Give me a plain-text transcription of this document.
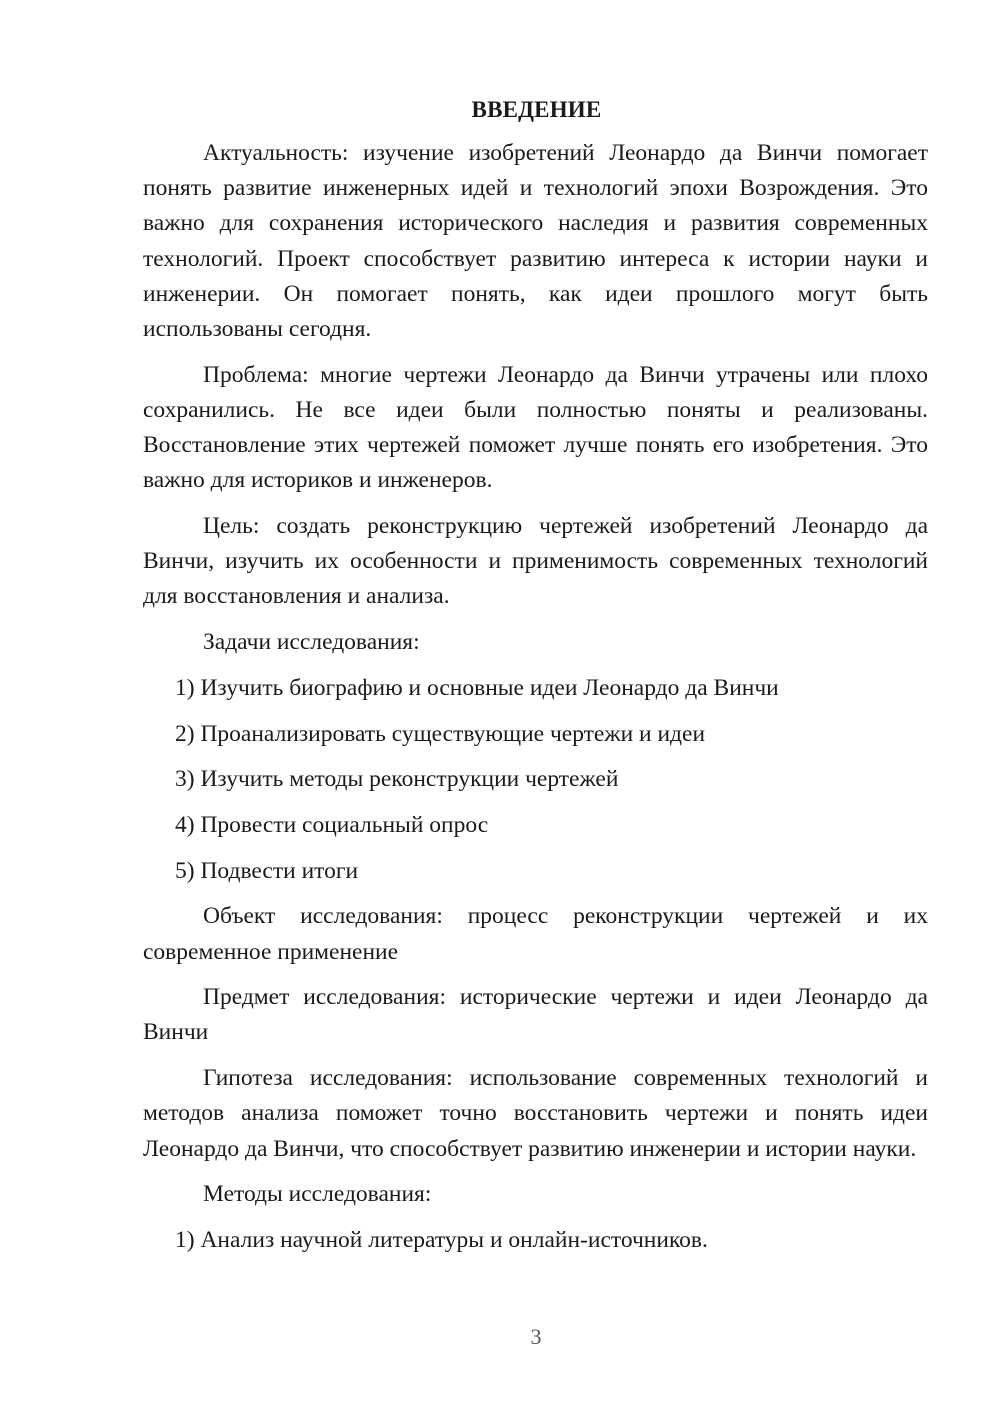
ВВЕДЕНИЕ

Актуальность: изучение изобретений Леонардо да Винчи помогает понять развитие инженерных идей и технологий эпохи Возрождения. Это важно для сохранения исторического наследия и развития современных технологий. Проект способствует развитию интереса к истории науки и инженерии. Он помогает понять, как идеи прошлого могут быть использованы сегодня.

Проблема: многие чертежи Леонардо да Винчи утрачены или плохо сохранились. Не все идеи были полностью поняты и реализованы. Восстановление этих чертежей поможет лучше понять его изобретения. Это важно для историков и инженеров.

Цель: создать реконструкцию чертежей изобретений Леонардо да Винчи, изучить их особенности и применимость современных технологий для восстановления и анализа.

Задачи исследования:

1) Изучить биографию и основные идеи Леонардо да Винчи

2) Проанализировать существующие чертежи и идеи

3) Изучить методы реконструкции чертежей

4) Провести социальный опрос

5) Подвести итоги

Объект исследования: процесс реконструкции чертежей и их современное применение

Предмет исследования: исторические чертежи и идеи Леонардо да Винчи

Гипотеза исследования: использование современных технологий и методов анализа поможет точно восстановить чертежи и понять идеи Леонардо да Винчи, что способствует развитию инженерии и истории науки.

Методы исследования:

1) Анализ научной литературы и онлайн-источников.

3
